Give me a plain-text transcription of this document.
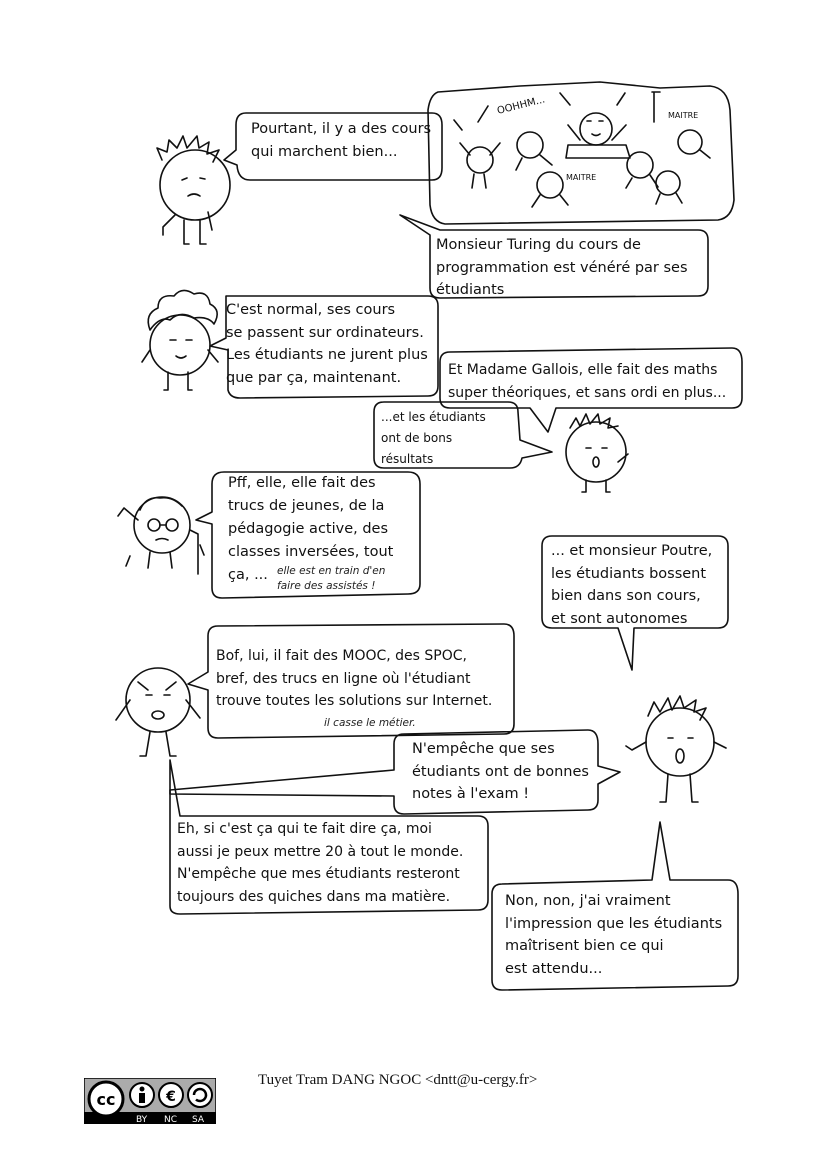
OOHHM...	MAITRE
MAITRE
Pourtant, il y a des cours
qui marchent bien...
Monsieur Turing du cours de
programmation est vénéré par ses
étudiants
C'est normal, ses cours
se passent sur ordinateurs.
Les étudiants ne jurent plus
que par ça, maintenant.	Et Madame Gallois, elle fait des maths
super théoriques, et sans ordi en plus...
...et les étudiants
ont de bons
résultats
Pff, elle, elle fait des
trucs de jeunes, de la
pédagogie active, des
classes inversées, tout
ça, ... elle est en train d'en
faire des assistés !
... et monsieur Poutre,
les étudiants bossent
bien dans son cours,
et sont autonomes
Bof, lui, il fait des MOOC, des SPOC,
bref, des trucs en ligne où l'étudiant
trouve toutes les solutions sur Internet.
il casse le métier.
N'empêche que ses
étudiants ont de bonnes
notes à l'exam !
Eh, si c'est ça qui te fait dire ça, moi
aussi je peux mettre 20 à tout le monde.
N'empêche que mes étudiants resteront
toujours des quiches dans ma matière.	Non, non, j'ai vraiment
l'impression que les étudiants
maîtrisent bien ce qui
est attendu...
cc	€
BY NC SA
Tuyet Tram DANG NGOC <dntt@u-cergy.fr>
